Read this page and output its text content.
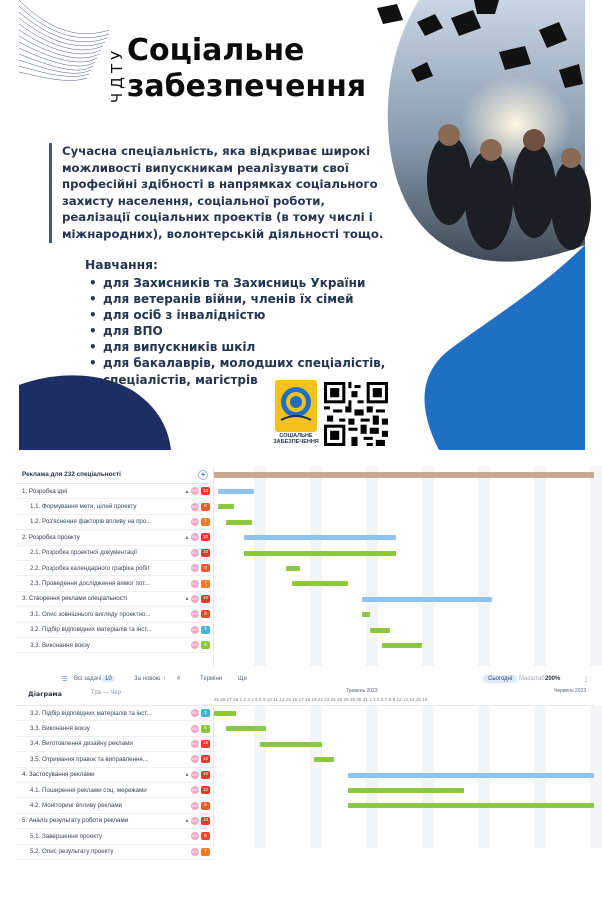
ЧДТУ Соціальне
забезпечення
Сучасна спеціальність, яка відкриває широкі можливості випускникам реалізувати свої професійні здібності в напрямках соціального захисту населення, соціальної роботи, реалізації соціальних проектів (в тому числі і міжнародних), волонтерській діяльності тощо.
Навчання:
• для Захисників та Захисниць України
• для ветеранів війни, членів їх сімей
• для осіб з інвалідністю
• для ВПО
• для випускників шкіл
• для бакалаврів, молодших спеціалістів, спеціалістів, магістрів
СОЦІАЛЬНЕ ЗАБЕЗПЕЧЕННЯ
Реклама для 232 спеціальності	+
1. Розробка ідеї	▴	МА	10
1.1. Формування мети, цілей проекту	МА	8
1.2. Роз'яснення факторів впливу на про...	МА	7
2. Розробка проекту	▴	МА	10
2.1. Розробка проектної документації	МА	10
2.2. Розробка календарного графіка робіт	МА	8
2.3. Проведення дослідження вимог пот...	МА	7
3. Створення реклами спеціальності	▴	МА	10
3.1. Опис зовнішнього вигляду проектно...	МА	9
3.2. Підбір відповідних матеріалів та інст...	МА	2
3.3. Виконання вокзу	МА	5
Діаграма
☰ Всі задачі 10	За новою ↑ #	Терміни	Ще
Тра — Чер
Сьогодні	Масштаб 200%	⋮
Травень 2023	Червень 2023
25 26 27 28 1 2 3 4 5 8 9 10 11 12 15 16 17 18 19 22 23 24 25 26 29 30 31 1 2 5 6 7 8 9 12 13 14 15 16
3.2. Підбір відповідних матеріалів та інст...	МА	2
3.3. Виконання вокзу	МА	5
3.4. Виготовлення дизайну реклами	МА	10
3.5. Отримання правок та виправлення...	МА	10
4. Застосування реклами	▴	МА	10
4.1. Поширення реклами соц. мережами	МА	10
4.2. Моніторинг впливу реклами	МА	8
5. Аналіз результату роботи реклами	▴	МА	10
5.1. Завершення проекту	МА	9
5.2. Опис результату проекту	МА	7
